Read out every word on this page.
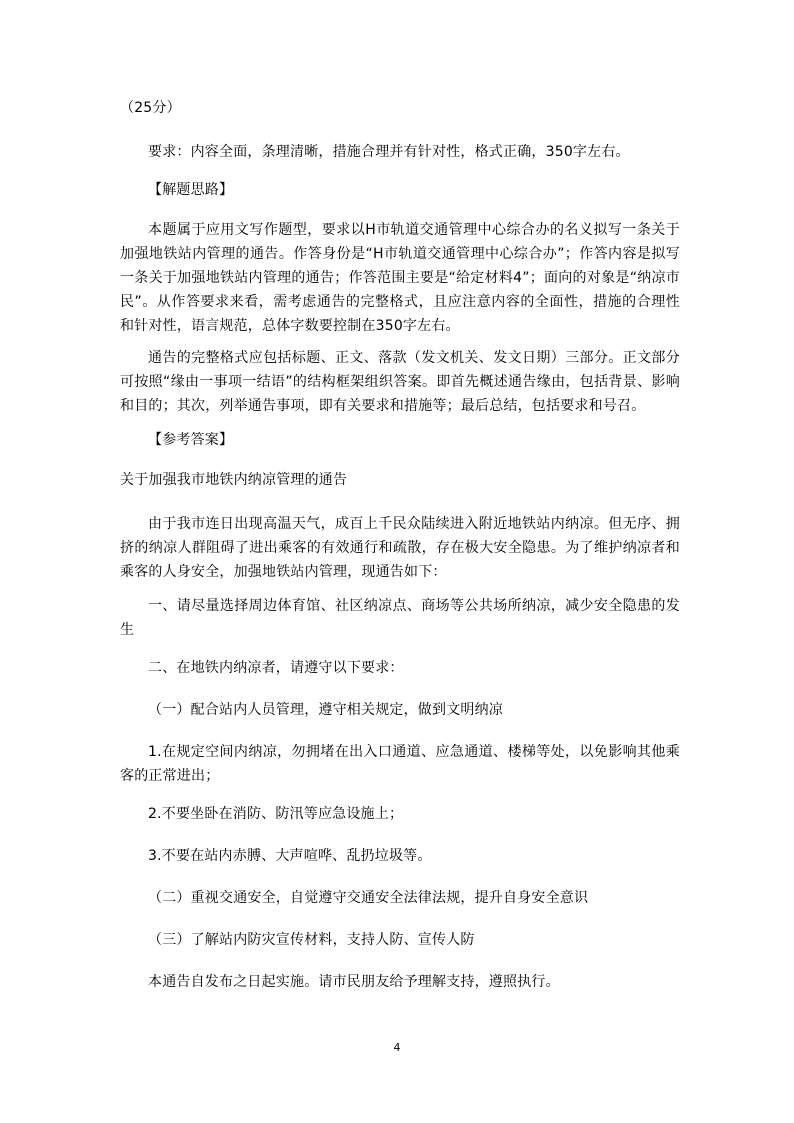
（25分）
要求：内容全面，条理清晰，措施合理并有针对性，格式正确，350字左右。
【解题思路】
本题属于应用文写作题型，要求以H市轨道交通管理中心综合办的名义拟写一条关于加强地铁站内管理的通告。作答身份是“H市轨道交通管理中心综合办”；作答内容是拟写一条关于加强地铁站内管理的通告；作答范围主要是“给定材料4”；面向的对象是“纳凉市民”。从作答要求来看，需考虑通告的完整格式，且应注意内容的全面性，措施的合理性和针对性，语言规范，总体字数要控制在350字左右。
通告的完整格式应包括标题、正文、落款（发文机关、发文日期）三部分。正文部分可按照“缘由一事项一结语”的结构框架组织答案。即首先概述通告缘由，包括背景、影响和目的；其次，列举通告事项，即有关要求和措施等；最后总结，包括要求和号召。
【参考答案】
关于加强我市地铁内纳凉管理的通告
由于我市连日出现高温天气，成百上千民众陆续进入附近地铁站内纳凉。但无序、拥挤的纳凉人群阻碍了进出乘客的有效通行和疏散，存在极大安全隐患。为了维护纳凉者和乘客的人身安全，加强地铁站内管理，现通告如下：
一、请尽量选择周边体育馆、社区纳凉点、商场等公共场所纳凉，减少安全隐患的发生
二、在地铁内纳凉者，请遵守以下要求：
（一）配合站内人员管理，遵守相关规定，做到文明纳凉
1.在规定空间内纳凉，勿拥堵在出入口通道、应急通道、楼梯等处，以免影响其他乘客的正常进出；
2.不要坐卧在消防、防汛等应急设施上；
3.不要在站内赤膊、大声喧哗、乱扔垃圾等。
（二）重视交通安全，自觉遵守交通安全法律法规，提升自身安全意识
（三）了解站内防灾宣传材料，支持人防、宣传人防
本通告自发布之日起实施。请市民朋友给予理解支持，遵照执行。
4
